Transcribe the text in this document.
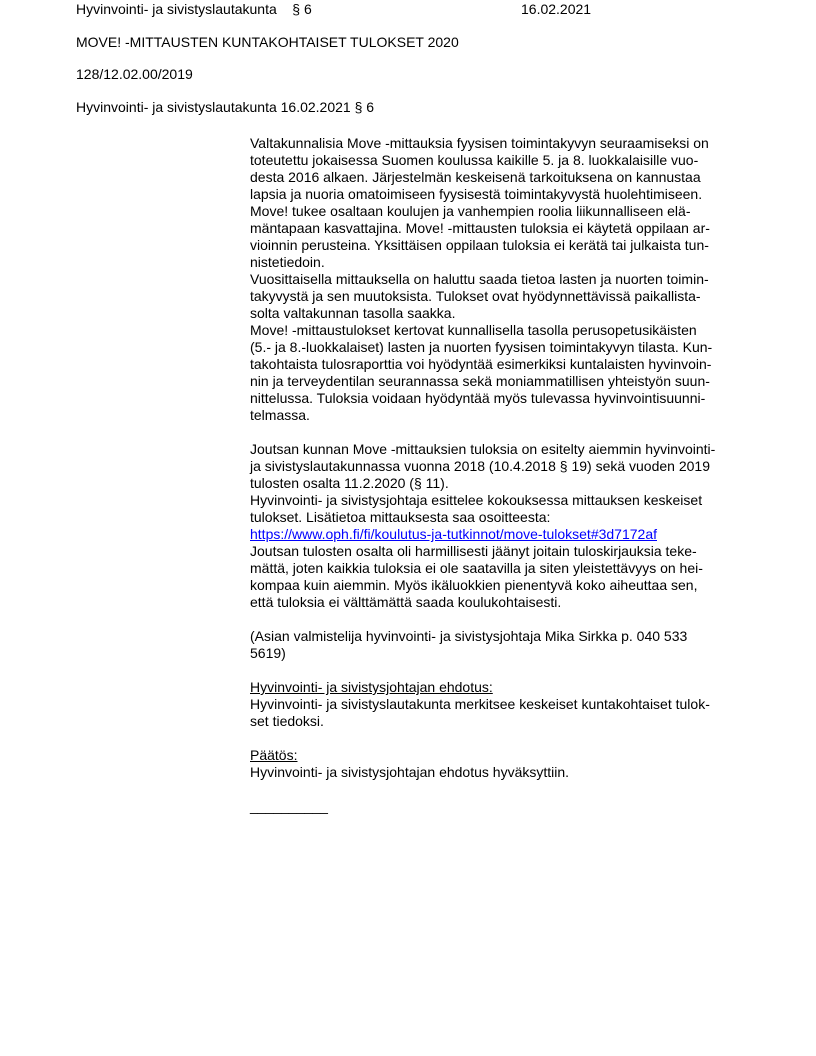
Hyvinvointi- ja sivistyslautakunta    § 6	16.02.2021
MOVE! -MITTAUSTEN KUNTAKOHTAISET TULOKSET 2020
128/12.02.00/2019
Hyvinvointi- ja sivistyslautakunta 16.02.2021 § 6
Valtakunnalisia Move -mittauksia fyysisen toimintakyvyn seuraamiseksi on
toteutettu jokaisessa Suomen koulussa kaikille 5. ja 8. luokkalaisille vuo-
desta 2016 alkaen. Järjestelmän keskeisenä tarkoituksena on kannustaa
lapsia ja nuoria omatoimiseen fyysisestä toimintakyvystä huolehtimiseen.
Move! tukee osaltaan koulujen ja vanhempien roolia liikunnalliseen elä-
mäntapaan kasvattajina. Move! -mittausten tuloksia ei käytetä oppilaan ar-
vioinnin perusteina. Yksittäisen oppilaan tuloksia ei kerätä tai julkaista tun-
nistetiedoin.
Vuosittaisella mittauksella on haluttu saada tietoa lasten ja nuorten toimin-
takyvystä ja sen muutoksista. Tulokset ovat hyödynnettävissä paikallista-
solta valtakunnan tasolla saakka.
Move! -mittaustulokset kertovat kunnallisella tasolla perusopetusikäisten
(5.- ja 8.-luokkalaiset) lasten ja nuorten fyysisen toimintakyvyn tilasta. Kun-
takohtaista tulosraporttia voi hyödyntää esimerkiksi kuntalaisten hyvinvoin-
nin ja terveydentilan seurannassa sekä moniammatillisen yhteistyön suun-
nittelussa. Tuloksia voidaan hyödyntää myös tulevassa hyvinvointisuunni-
telmassa.
Joutsan kunnan Move -mittauksien tuloksia on esitelty aiemmin hyvinvointi-
ja sivistyslautakunnassa vuonna 2018 (10.4.2018 § 19) sekä vuoden 2019
tulosten osalta 11.2.2020 (§ 11).
Hyvinvointi- ja sivistysjohtaja esittelee kokouksessa mittauksen keskeiset
tulokset. Lisätietoa mittauksesta saa osoitteesta:
https://www.oph.fi/fi/koulutus-ja-tutkinnot/move-tulokset#3d7172af
Joutsan tulosten osalta oli harmillisesti jäänyt joitain tuloskirjauksia teke-
mättä, joten kaikkia tuloksia ei ole saatavilla ja siten yleistettävyys on hei-
kompaa kuin aiemmin. Myös ikäluokkien pienentyvä koko aiheuttaa sen,
että tuloksia ei välttämättä saada koulukohtaisesti.
(Asian valmistelija hyvinvointi- ja sivistysjohtaja Mika Sirkka p. 040 533
5619)
Hyvinvointi- ja sivistysjohtajan ehdotus:
Hyvinvointi- ja sivistyslautakunta merkitsee keskeiset kuntakohtaiset tulok-
set tiedoksi.
Päätös:
Hyvinvointi- ja sivistysjohtajan ehdotus hyväksyttiin.
__________
